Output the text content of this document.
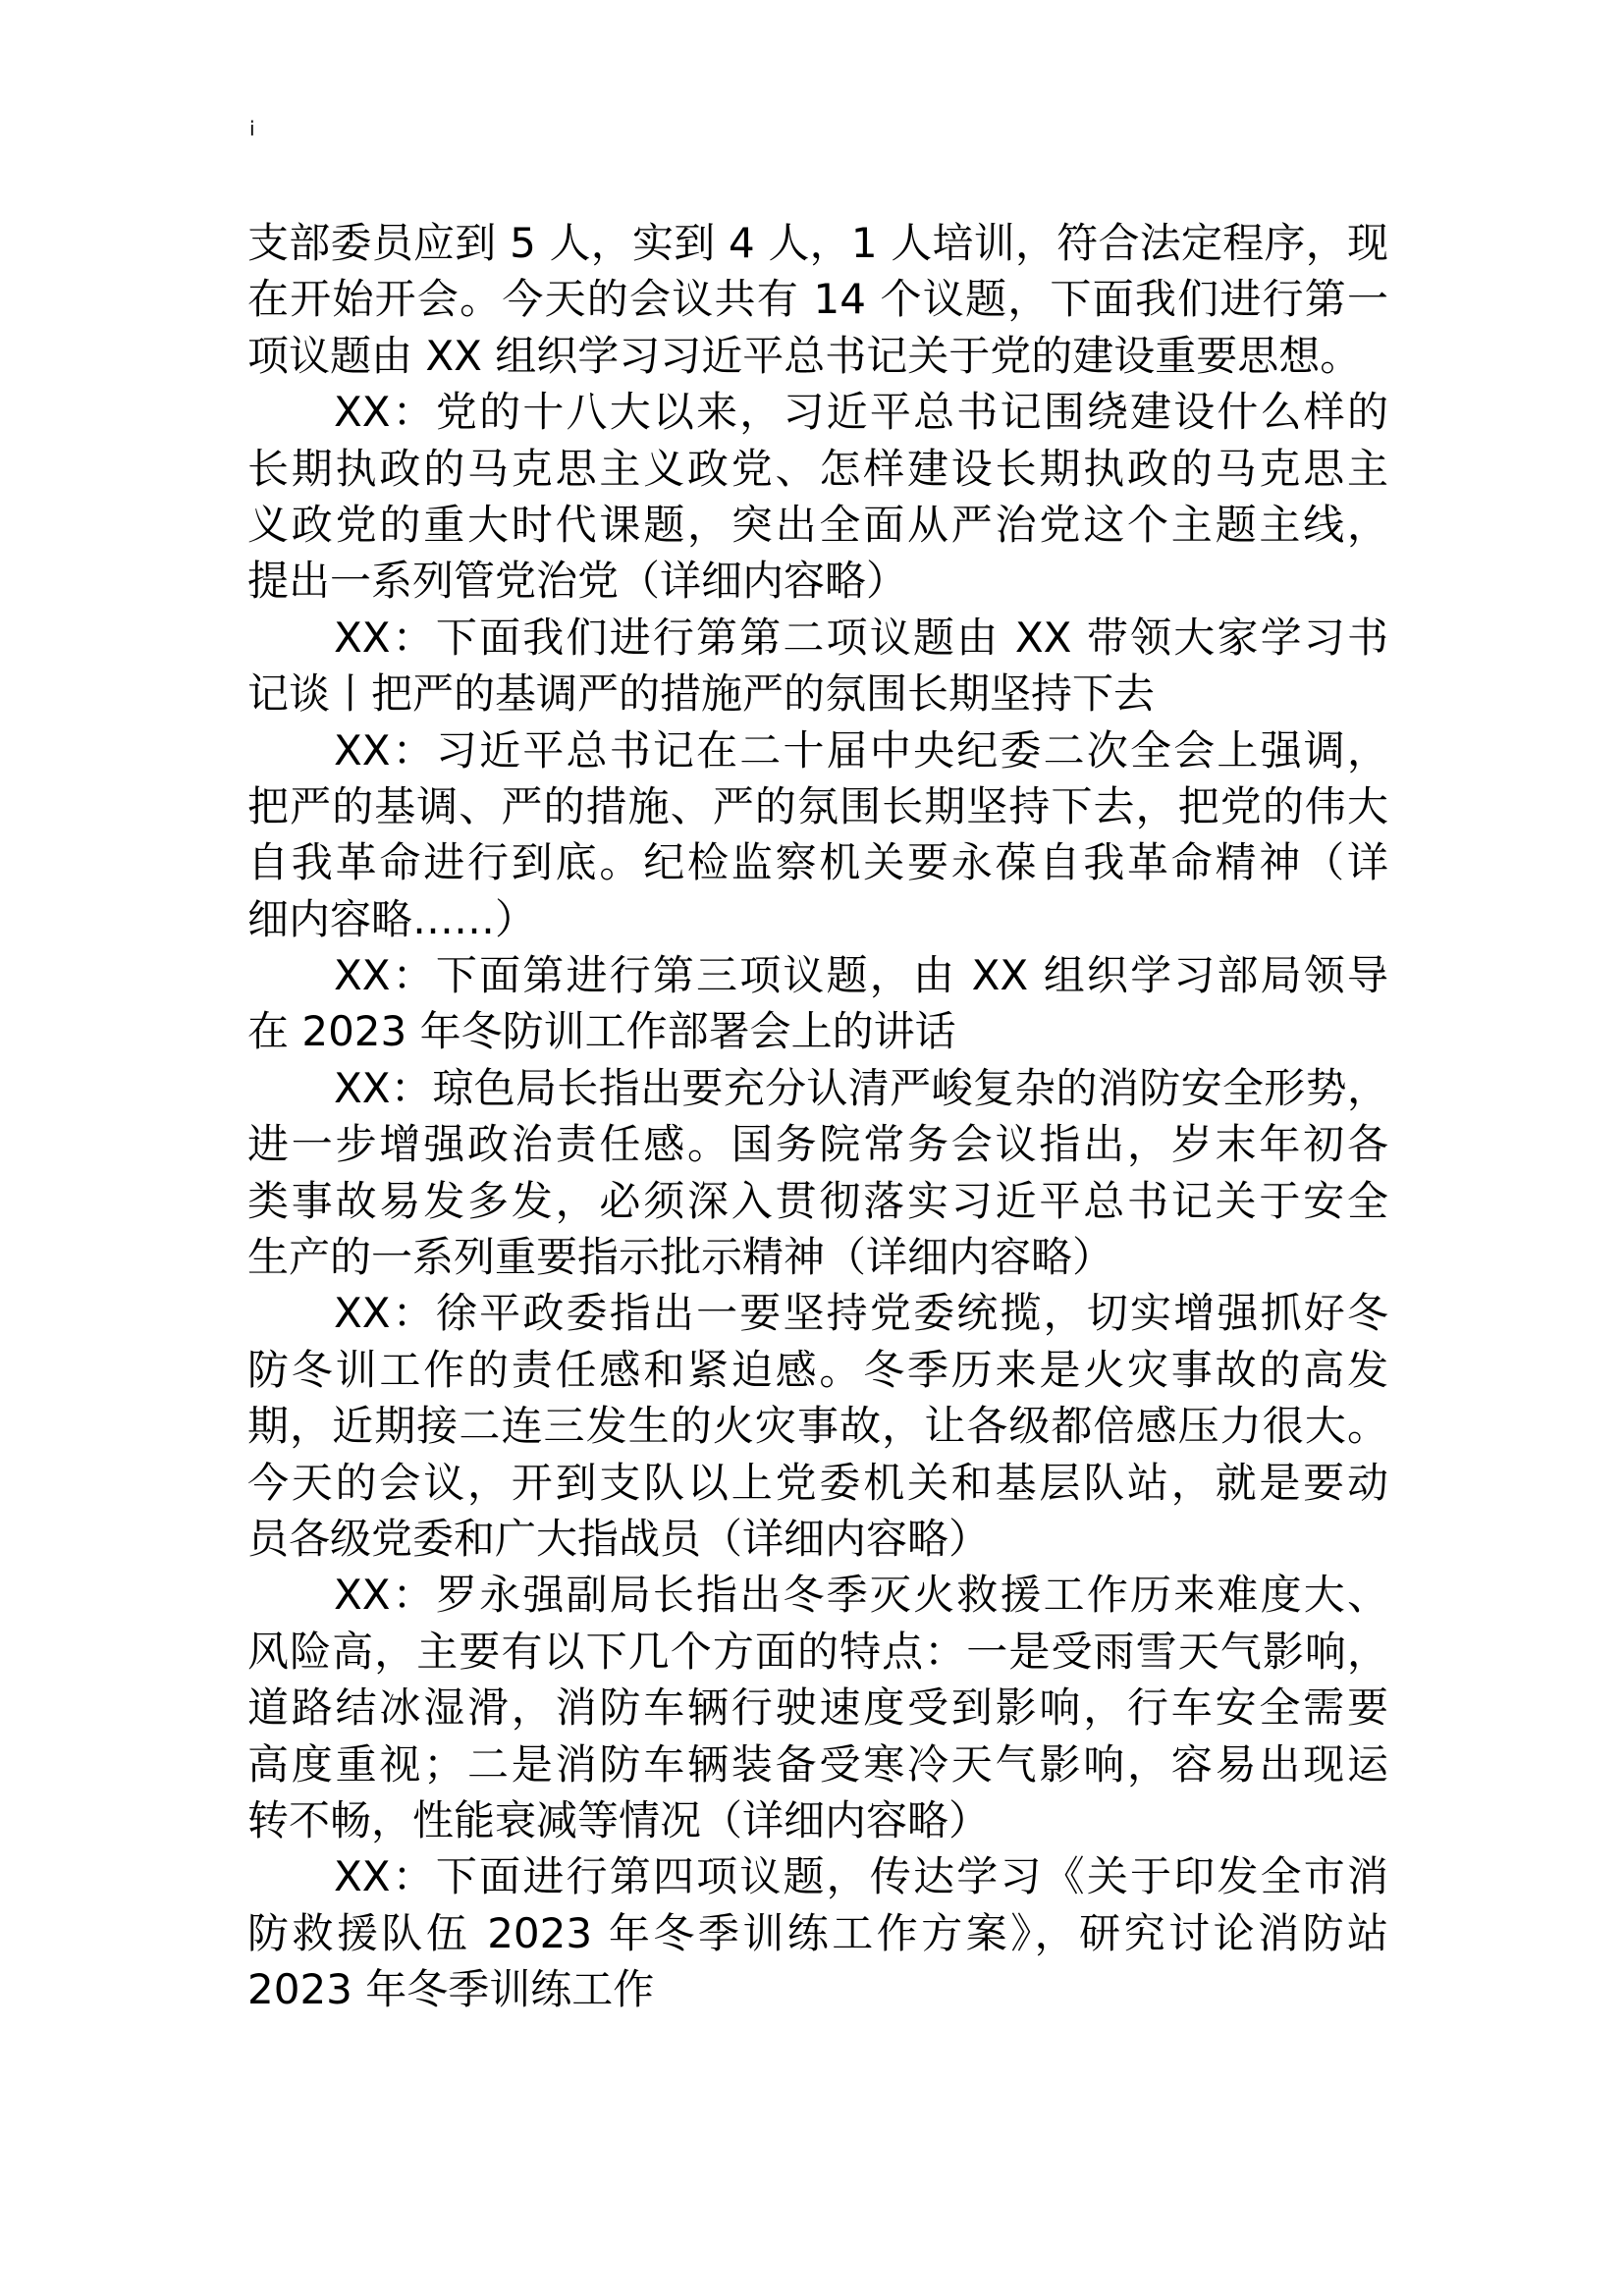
i
支部委员应到 5 人，实到 4 人，1 人培训，符合法定程序，现
在开始开会。今天的会议共有 14 个议题，下面我们进行第一
项议题由 XX 组织学习习近平总书记关于党的建设重要思想。
XX：党的十八大以来，习近平总书记围绕建设什么样的
长期执政的马克思主义政党、怎样建设长期执政的马克思主
义政党的重大时代课题，突出全面从严治党这个主题主线，
提出一系列管党治党（详细内容略）
XX：下面我们进行第第二项议题由 XX 带领大家学习书
记谈丨把严的基调严的措施严的氛围长期坚持下去
XX：习近平总书记在二十届中央纪委二次全会上强调，
把严的基调、严的措施、严的氛围长期坚持下去，把党的伟大
自我革命进行到底。纪检监察机关要永葆自我革命精神（详
细内容略……）
XX：下面第进行第三项议题，由 XX 组织学习部局领导
在 2023 年冬防训工作部署会上的讲话
XX：琼色局长指出要充分认清严峻复杂的消防安全形势，
进一步增强政治责任感。国务院常务会议指出，岁末年初各
类事故易发多发，必须深入贯彻落实习近平总书记关于安全
生产的一系列重要指示批示精神（详细内容略）
XX：徐平政委指出一要坚持党委统揽，切实增强抓好冬
防冬训工作的责任感和紧迫感。冬季历来是火灾事故的高发
期，近期接二连三发生的火灾事故，让各级都倍感压力很大。
今天的会议，开到支队以上党委机关和基层队站，就是要动
员各级党委和广大指战员（详细内容略）
XX：罗永强副局长指出冬季灭火救援工作历来难度大、
风险高，主要有以下几个方面的特点：一是受雨雪天气影响，
道路结冰湿滑，消防车辆行驶速度受到影响，行车安全需要
高度重视；二是消防车辆装备受寒冷天气影响，容易出现运
转不畅，性能衰减等情况（详细内容略）
XX：下面进行第四项议题，传达学习《关于印发全市消
防救援队伍 2023 年冬季训练工作方案》，研究讨论消防站
2023 年冬季训练工作
